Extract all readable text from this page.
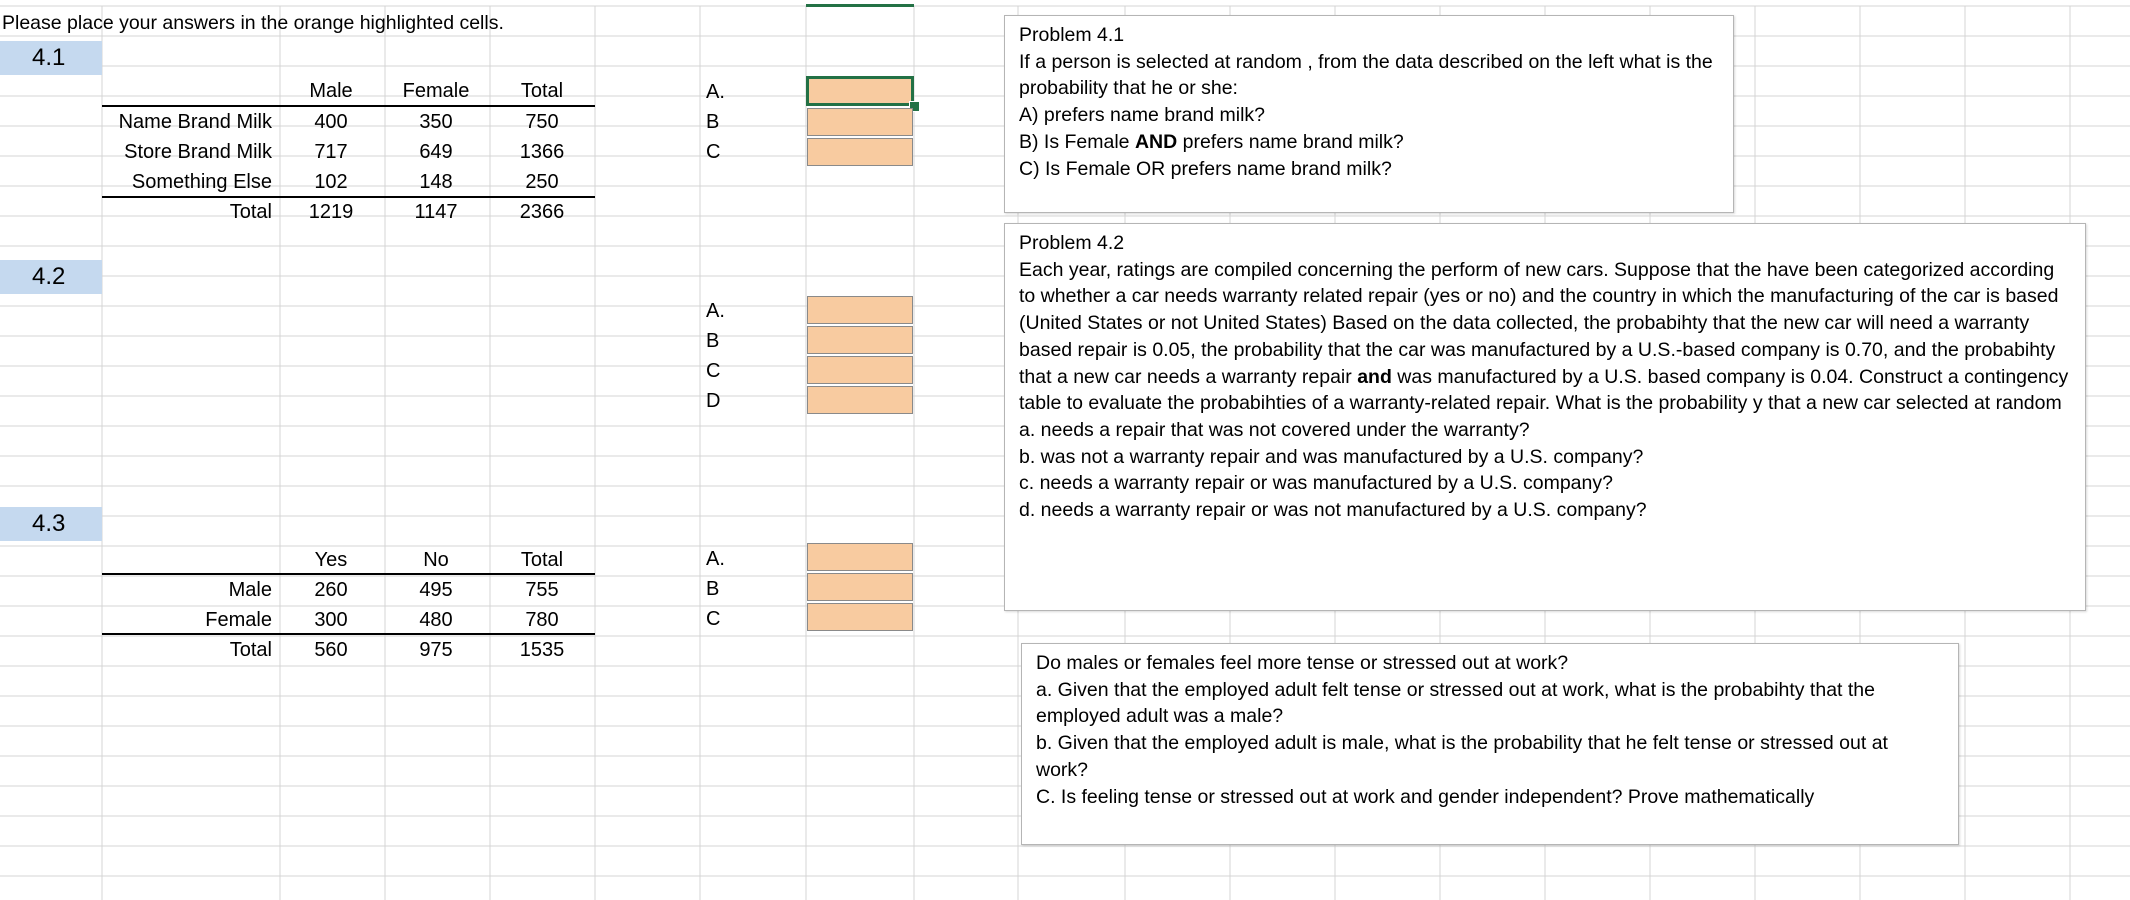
Please place your answers in the orange highlighted cells.
4.1
4.2
4.3
Male	Female	Total
Name Brand Milk	400	350	750
Store Brand Milk	717	649	1366
Something Else	102	148	250
Total	1219	1147	2366
A.
B
C
A.
B
C
D
Yes	No	Total
Male	260	495	755
Female	300	480	780
Total	560	975	1535
A.
B
C

Problem 4.1

If a person is selected at random , from the data described on the left what is the probability that he or she:

A) prefers name brand milk?

B) Is Female AND prefers name brand milk?

C) Is Female OR prefers name brand milk?

Problem 4.2

Each year, ratings are compiled concerning the perform of new cars. Suppose that the have been categorized according to whether a car needs warranty related repair (yes or no) and the country in which the manufacturing of the car is based (United States or not United States) Based on the data collected, the probabihty that the new car will need a warranty based repair is 0.05, the probability that the car was manufactured by a U.S.-based company is 0.70, and the probabihty that a new car needs a warranty repair and was manufactured by a U.S. based company is 0.04. Construct a contingency table to evaluate the probabihties of a warranty-related repair. What is the probability y that a new car selected at random

a. needs a repair that was not covered under the warranty?

b. was not a warranty repair and was manufactured by a U.S. company?

c. needs a warranty repair or was manufactured by a U.S. company?

d. needs a warranty repair or was not manufactured by a U.S. company?

Do males or females feel more tense or stressed out at work?

a. Given that the employed adult felt tense or stressed out at work, what is the probabihty that the employed adult was a male?

b. Given that the employed adult is male, what is the probability that he felt tense or stressed out at work?

C. Is feeling tense or stressed out at work and gender independent? Prove mathematically
